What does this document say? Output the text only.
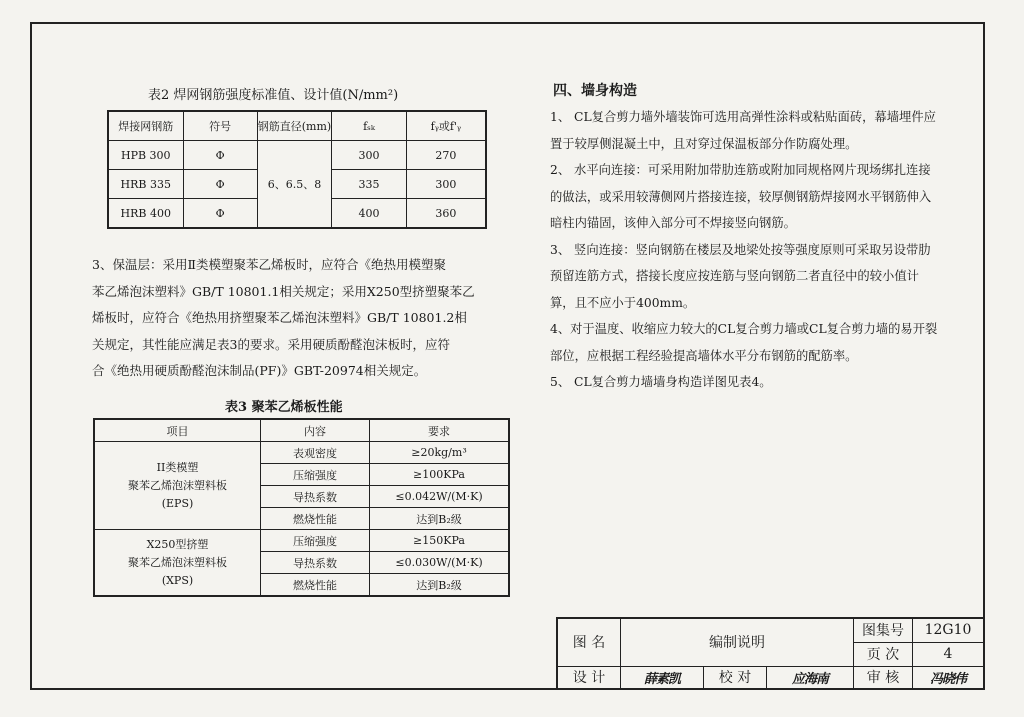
表2 焊网钢筋强度标准值、设计值(N/mm²)
焊接网钢筋	符号	钢筋直径(mm)	fₛₖ	fᵧ或f'ᵧ
HPB 300	Φ	6、6.5、8	300	270
HRB 335	Φ		335	300
HRB 400	Φ		400	360
3、保温层：采用Ⅱ类模塑聚苯乙烯板时，应符合《绝热用模塑聚
苯乙烯泡沫塑料》GB/T 10801.1相关规定；采用X250型挤塑聚苯乙
烯板时，应符合《绝热用挤塑聚苯乙烯泡沫塑料》GB/T 10801.2相
关规定，其性能应满足表3的要求。采用硬质酚醛泡沫板时，应符
合《绝热用硬质酚醛泡沫制品(PF)》GBT-20974相关规定。
表3 聚苯乙烯板性能
项目	内容	要求

II类模塑
聚苯乙烯泡沫塑料板
(EPS)	表观密度	≥20kg/m³
	压缩强度	≥100KPa
	导热系数	≤0.042W/(M·K)
	燃烧性能	达到B₂级

X250型挤塑
聚苯乙烯泡沫塑料板
(XPS)	压缩强度	≥150KPa
	导热系数	≤0.030W/(M·K)
	燃烧性能	达到B₂级
四、墙身构造
1、 CL复合剪力墙外墙装饰可选用高弹性涂料或粘贴面砖，幕墙埋件应
置于较厚侧混凝土中，且对穿过保温板部分作防腐处理。
2、 水平向连接：可采用附加带肋连筋或附加同规格网片现场绑扎连接
的做法，或采用较薄侧网片搭接连接，较厚侧钢筋焊接网水平钢筋伸入
暗柱内锚固，该伸入部分可不焊接竖向钢筋。
3、 竖向连接：竖向钢筋在楼层及地梁处按等强度原则可采取另设带肋
预留连筋方式，搭接长度应按连筋与竖向钢筋二者直径中的较小值计
算，且不应小于400mm。
4、对于温度、收缩应力较大的CL复合剪力墙或CL复合剪力墙的易开裂
部位，应根据工程经验提高墙体水平分布钢筋的配筋率。
5、 CL复合剪力墙墙身构造详图见表4。
图 名	编制说明			图集号	12G10
				页 次	4
设 计	薛素凯	校 对	应海南	审 核	冯晓伟
